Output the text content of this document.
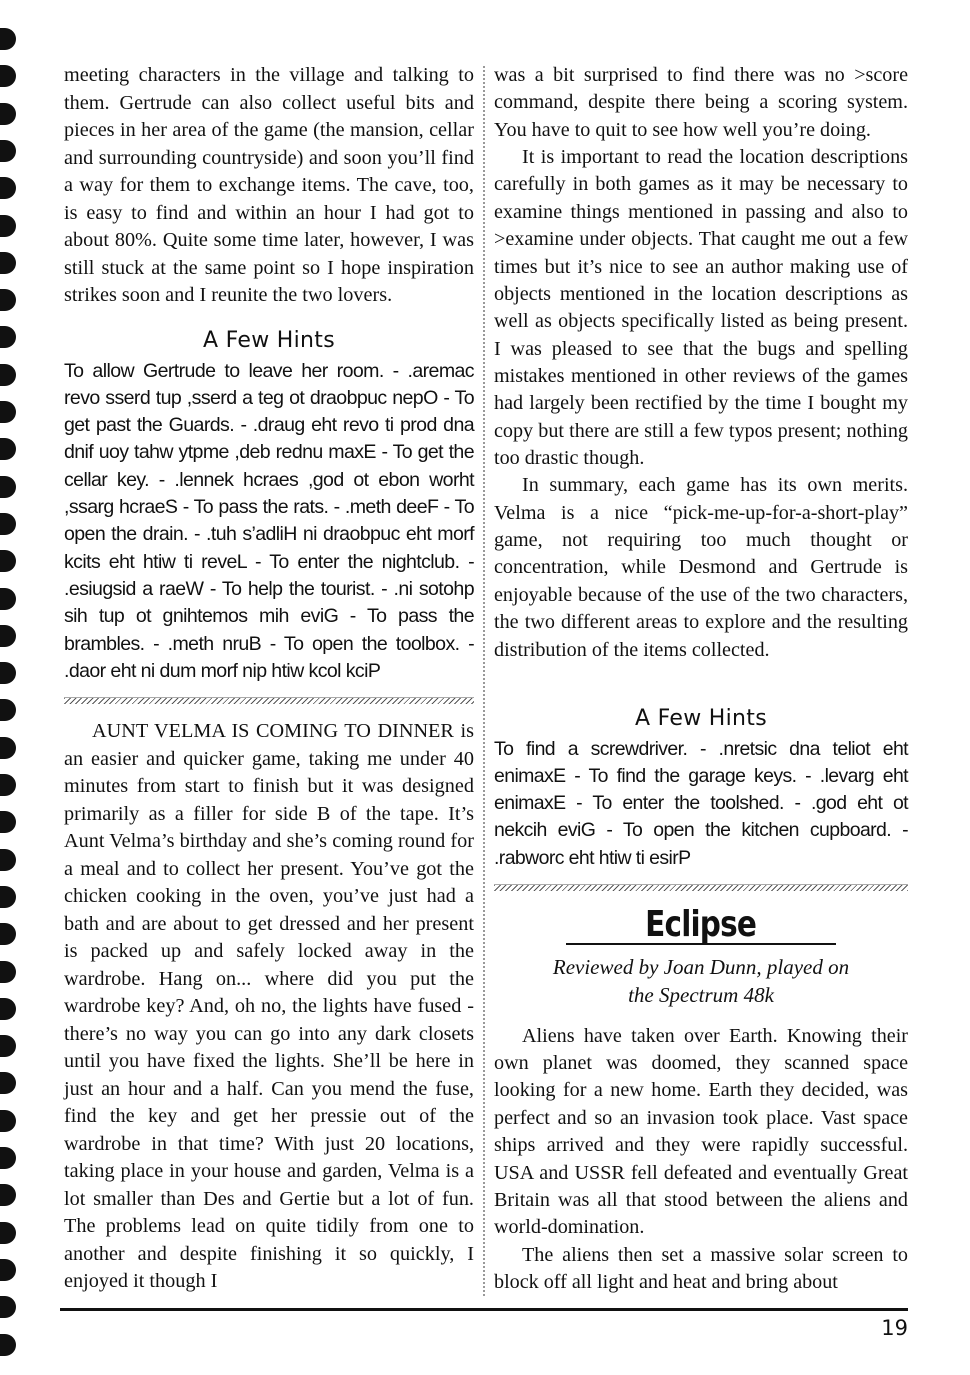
meeting characters in the village and talking to them. Gertrude can also collect useful bits and pieces in her area of the game (the mansion, cellar and surrounding countryside) and soon you’ll find a way for them to exchange items. The cave, too, is easy to find and within an hour I had got to about 80%. Quite some time later, however, I was still stuck at the same point so I hope inspiration strikes soon and I reunite the two lovers.

A Few Hints
To allow Gertrude to leave her room. - .aremac revo sserd tup ,sserd a teg ot draobpuc nepO - To get past the Guards. - .draug eht revo ti prod dna dnif uoy tahw ytpme ,deb rednu maxE - To get the cellar key. - .lennek hcraes ,god ot ebon worht ,ssarg hcraeS - To pass the rats. - .meth deeF - To open the drain. - .tuh s’adliH ni draobpuc eht morf kcits eht htiw ti reveL - To enter the nightclub. - .esiugsid a raeW - To help the tourist. - .ni sotohp sih tup ot gnihtemos mih eviG - To pass the brambles. - .meth nruB - To open the toolbox. - .daor eht ni dum morf nip htiw kcol kciP

AUNT VELMA IS COMING TO DINNER is an easier and quicker game, taking me under 40 minutes from start to finish but it was designed primarily as a filler for side B of the tape. It’s Aunt Velma’s birthday and she’s coming round for a meal and to collect her present. You’ve got the chicken cooking in the oven, you’ve just had a bath and are about to get dressed and her present is packed up and safely locked away in the wardrobe. Hang on... where did you put the wardrobe key? And, oh no, the lights have fused - there’s no way you can go into any dark closets until you have fixed the lights. She’ll be here in just an hour and a half. Can you mend the fuse, find the key and get her pressie out of the wardrobe in that time? With just 20 locations, taking place in your house and garden, Velma is a lot smaller than Des and Gertie but a lot of fun. The problems lead on quite tidily from one to another and despite finishing it so quickly, I enjoyed it though I

was a bit surprised to find there was no >score command, despite there being a scoring system. You have to quit to see how well you’re doing.

It is important to read the location descriptions carefully in both games as it may be necessary to examine things mentioned in passing and also to >examine under objects. That caught me out a few times but it’s nice to see an author making use of objects mentioned in the location descriptions as well as objects specifically listed as being present. I was pleased to see that the bugs and spelling mistakes mentioned in other reviews of the games had largely been rectified by the time I bought my copy but there are still a few typos present; nothing too drastic though.

In summary, each game has its own merits. Velma is a nice “pick-me-up-for-a-short-play” game, not requiring too much thought or concentration, while Desmond and Gertrude is enjoyable because of the use of the two characters, the two different areas to explore and the resulting distribution of the items collected.

A Few Hints
To find a screwdriver. - .nretsic dna teliot eht enimaxE - To find the garage keys. - .levarg eht enimaxE - To enter the toolshed. - .god eht ot nekcih eviG - To open the kitchen cupboard. - .rabworc eht htiw ti esirP
Eclipse
Reviewed by Joan Dunn, played on
the Spectrum 48k

Aliens have taken over Earth. Knowing their own planet was doomed, they scanned space looking for a new home. Earth they decided, was perfect and so an invasion took place. Vast space ships arrived and they were rapidly successful. USA and USSR fell defeated and eventually Great Britain was all that stood between the aliens and world-domination.

The aliens then set a massive solar screen to block off all light and heat and bring about

19
